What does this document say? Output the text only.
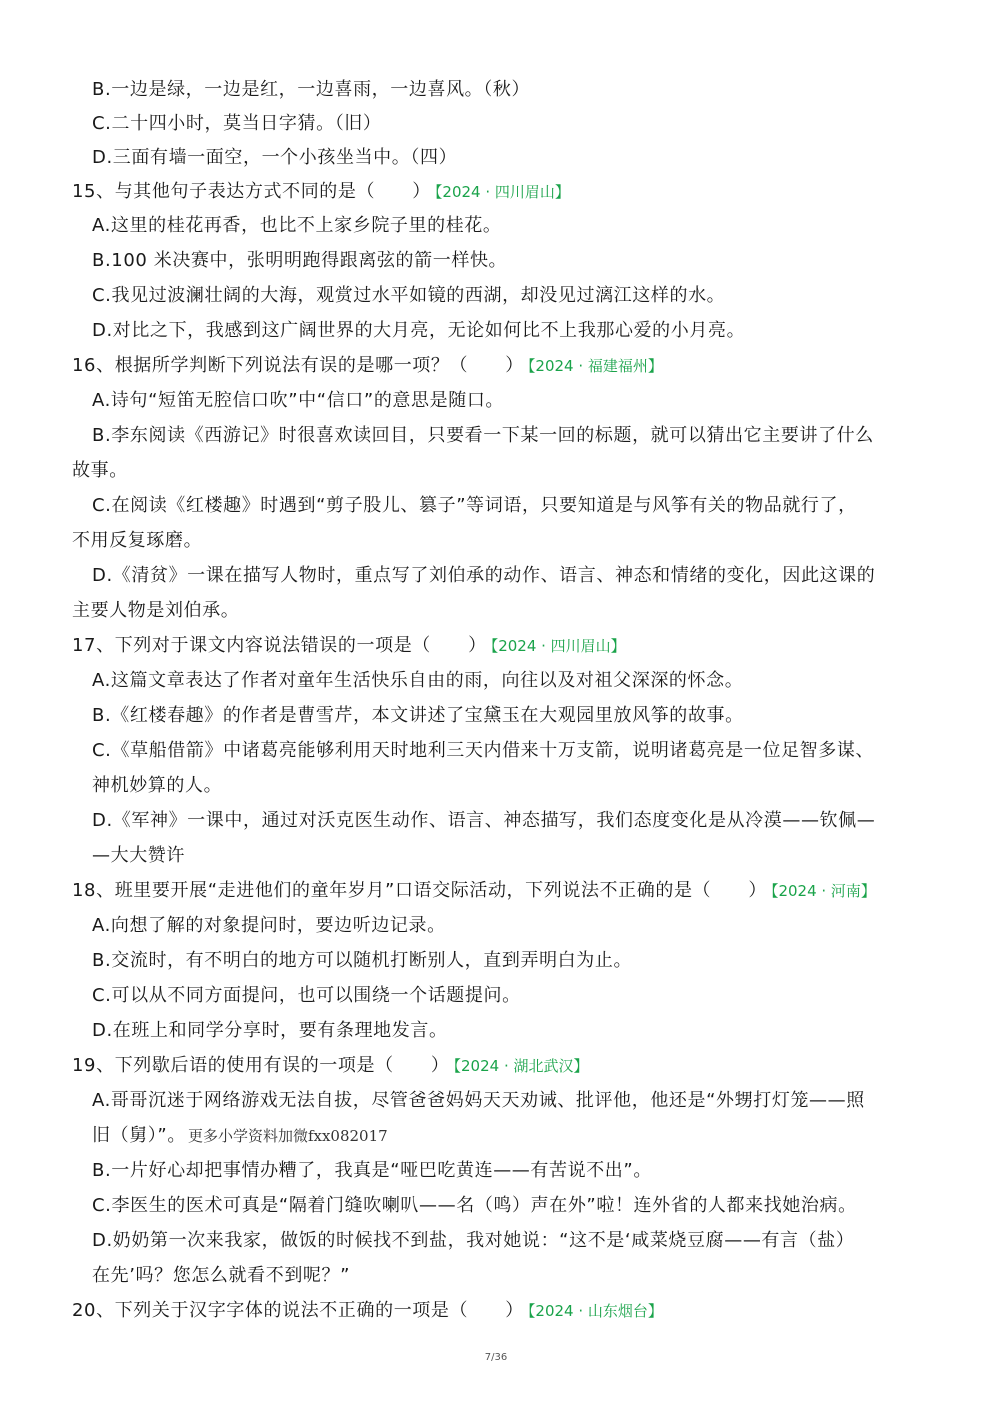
B.一边是绿，一边是红，一边喜雨，一边喜风。（秋）
C.二十四小时，莫当日字猜。（旧）
D.三面有墙一面空，一个小孩坐当中。（四）
15、与其他句子表达方式不同的是（　　） 【2024 · 四川眉山】
A.这里的桂花再香，也比不上家乡院子里的桂花。
B.100 米决赛中，张明明跑得跟离弦的箭一样快。
C.我见过波澜壮阔的大海，观赏过水平如镜的西湖，却没见过漓江这样的水。
D.对比之下，我感到这广阔世界的大月亮，无论如何比不上我那心爱的小月亮。
16、根据所学判断下列说法有误的是哪一项？（　　） 【2024 · 福建福州】
A.诗句“短笛无腔信口吹”中“信口”的意思是随口。
B.李东阅读《西游记》时很喜欢读回目，只要看一下某一回的标题，就可以猜出它主要讲了什么
故事。
C.在阅读《红楼趣》时遇到“剪子股儿、篡子”等词语，只要知道是与风筝有关的物品就行了，
不用反复琢磨。
D.《清贫》一课在描写人物时，重点写了刘伯承的动作、语言、神态和情绪的变化，因此这课的
主要人物是刘伯承。
17、下列对于课文内容说法错误的一项是（　　） 【2024 · 四川眉山】
A.这篇文章表达了作者对童年生活快乐自由的雨，向往以及对祖父深深的怀念。
B.《红楼春趣》的作者是曹雪芹，本文讲述了宝黛玉在大观园里放风筝的故事。
C.《草船借箭》中诸葛亮能够利用天时地利三天内借来十万支箭，说明诸葛亮是一位足智多谋、
神机妙算的人。
D.《军神》一课中，通过对沃克医生动作、语言、神态描写，我们态度变化是从冷漠——钦佩—
—大大赞许
18、班里要开展“走进他们的童年岁月”口语交际活动，下列说法不正确的是（　　） 【2024 · 河南】
A.向想了解的对象提问时，要边听边记录。
B.交流时，有不明白的地方可以随机打断别人，直到弄明白为止。
C.可以从不同方面提问，也可以围绕一个话题提问。
D.在班上和同学分享时，要有条理地发言。
19、下列歇后语的使用有误的一项是（　　） 【2024 · 湖北武汉】
A.哥哥沉迷于网络游戏无法自拔，尽管爸爸妈妈天天劝诫、批评他，他还是“外甥打灯笼——照
旧（舅）”。 更多小学资料加微fxx082017
B.一片好心却把事情办糟了，我真是“哑巴吃黄连——有苦说不出”。
C.李医生的医术可真是“隔着门缝吹喇叭——名（鸣）声在外”啦！连外省的人都来找她治病。
D.奶奶第一次来我家，做饭的时候找不到盐，我对她说：“这不是‘咸菜烧豆腐——有言（盐）
在先’吗？您怎么就看不到呢？”
20、下列关于汉字字体的说法不正确的一项是（　　） 【2024 · 山东烟台】
7/36
